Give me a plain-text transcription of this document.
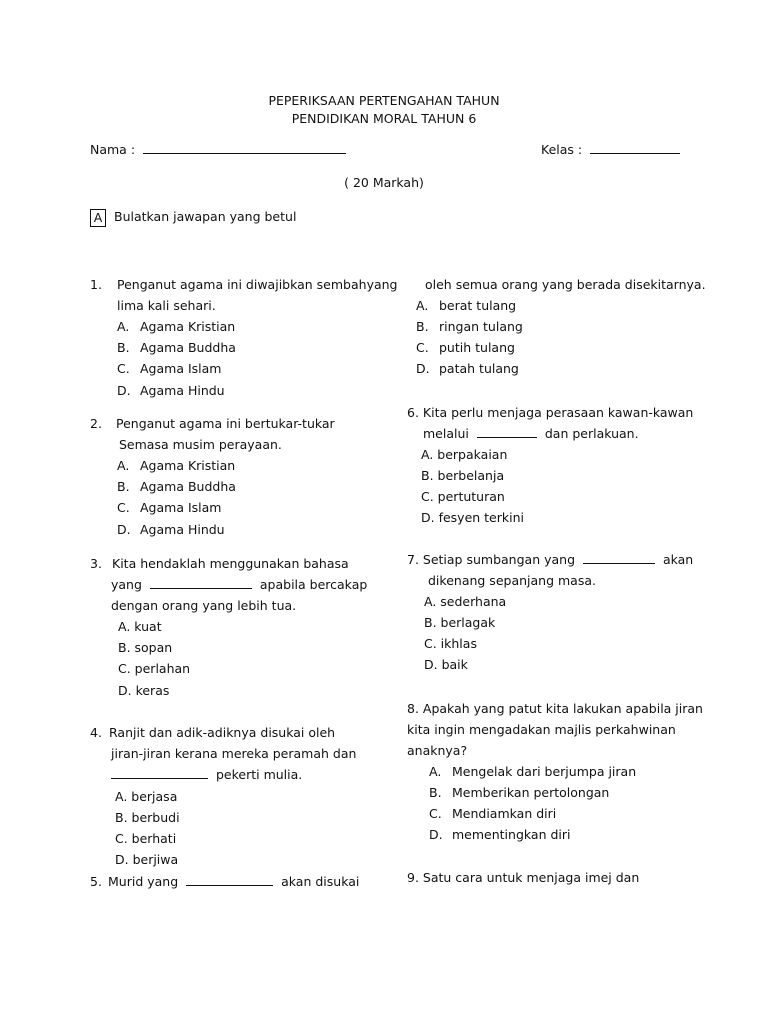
PEPERIKSAAN PERTENGAHAN TAHUN
PENDIDIKAN MORAL TAHUN 6
Nama :	Kelas :
( 20 Markah)
A Bulatkan jawapan yang betul
1. Penganut agama ini diwajibkan sembahyang
lima kali sehari.
A. Agama Kristian
B. Agama Buddha
C. Agama Islam
D. Agama Hindu
2. Penganut agama ini bertukar-tukar
Semasa musim perayaan.
A. Agama Kristian
B. Agama Buddha
C. Agama Islam
D. Agama Hindu
3. Kita hendaklah menggunakan bahasa
yang	apabila bercakap
dengan orang yang lebih tua.
A. kuat
B. sopan
C. perlahan
D. keras
4. Ranjit dan adik-adiknya disukai oleh
jiran-jiran kerana mereka peramah dan
pekerti mulia.
A. berjasa
B. berbudi
C. berhati
D. berjiwa
5. Murid yang	akan disukai
oleh semua orang yang berada disekitarnya.
A. berat tulang
B. ringan tulang
C. putih tulang
D. patah tulang
6. Kita perlu menjaga perasaan kawan-kawan
melalui	dan perlakuan.
A. berpakaian
B. berbelanja
C. pertuturan
D. fesyen terkini
7. Setiap sumbangan yang	akan
dikenang sepanjang masa.
A. sederhana
B. berlagak
C. ikhlas
D. baik
8. Apakah yang patut kita lakukan apabila jiran
kita ingin mengadakan majlis perkahwinan
anaknya?
A. Mengelak dari berjumpa jiran
B. Memberikan pertolongan
C. Mendiamkan diri
D. mementingkan diri
9. Satu cara untuk menjaga imej dan
